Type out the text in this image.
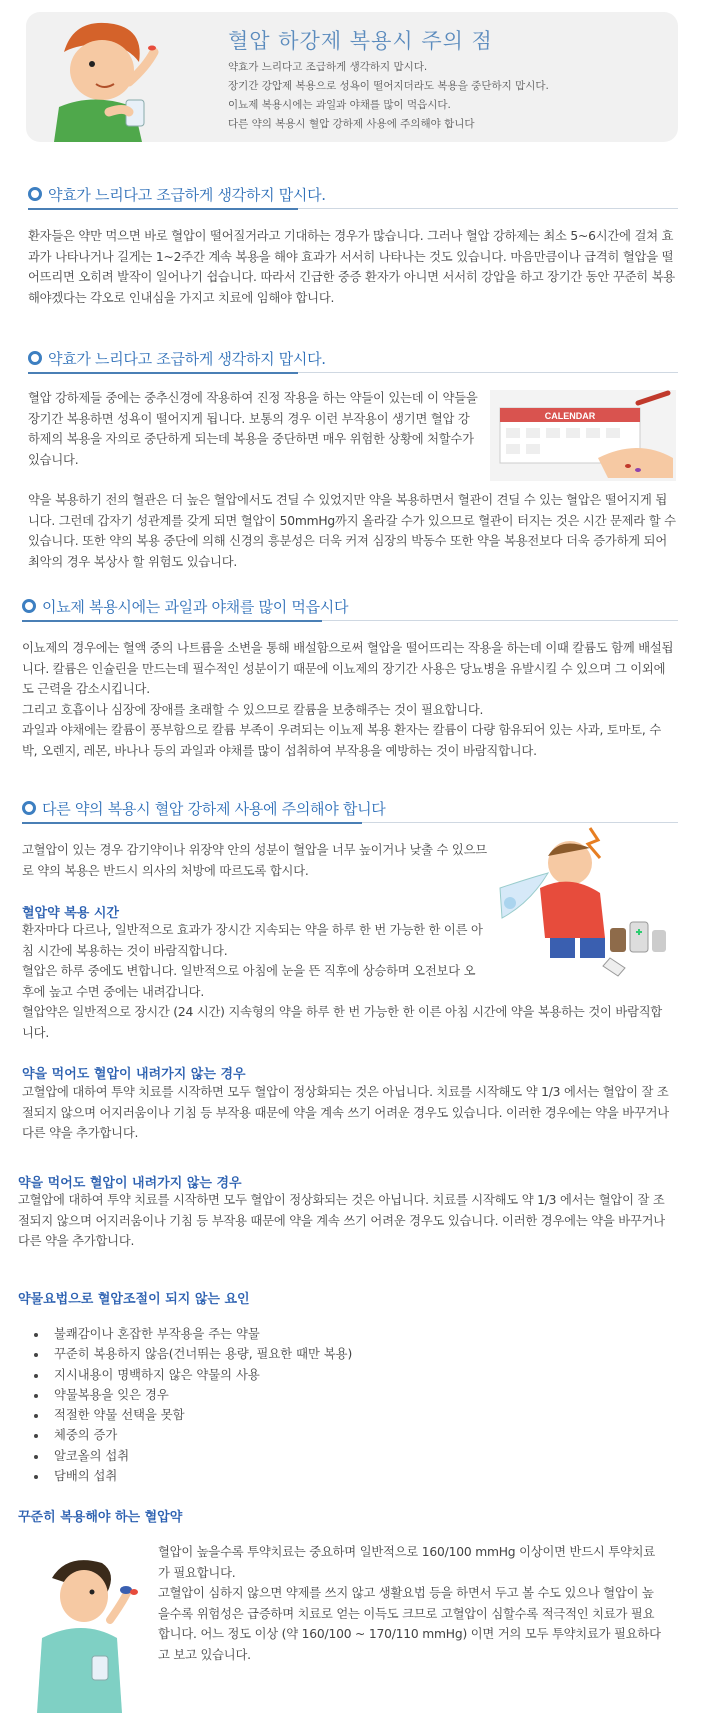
혈압 하강제 복용시 주의 점
약효가 느리다고 조급하게 생각하지 맙시다.
장기간 강압제 복용으로 성욕이 떨어지더라도 복용을 중단하지 맙시다.
이뇨제 복용시에는 과일과 야채를 많이 먹읍시다.
다른 약의 복용시 혈압 강하제 사용에 주의해야 합니다
약효가 느리다고 조급하게 생각하지 맙시다.

환자들은 약만 먹으면 바로 혈압이 떨어질거라고 기대하는 경우가 많습니다. 그러나 혈압 강하제는 최소 5~6시간에 걸쳐 효과가 나타나거나 길게는 1~2주간 계속 복용을 해야 효과가 서서히 나타나는 것도 있습니다. 마음만큼이나 급격히 혈압을 떨어뜨리면 오히려 발작이 일어나기 쉽습니다. 따라서 긴급한 중증 환자가 아니면 서서히 강압을 하고 장기간 동안 꾸준히 복용해야겠다는 각오로 인내심을 가지고 치료에 임해야 합니다.

약효가 느리다고 조급하게 생각하지 맙시다.

혈압 강하제들 중에는 중추신경에 작용하여 진정 작용을 하는 약들이 있는데 이 약들을 장기간 복용하면 성욕이 떨어지게 됩니다. 보통의 경우 이런 부작용이 생기면 혈압 강하제의 복용을 자의로 중단하게 되는데 복용을 중단하면 매우 위험한 상황에 처할수가 있습니다.

CALENDAR

약을 복용하기 전의 혈관은 더 높은 혈압에서도 견딜 수 있었지만 약을 복용하면서 혈관이 견딜 수 있는 혈압은 떨어지게 됩니다. 그런데 갑자기 성관계를 갖게 되면 혈압이 50mmHg까지 올라갈 수가 있으므로 혈관이 터지는 것은 시간 문제라 할 수 있습니다. 또한 약의 복용 중단에 의해 신경의 흥분성은 더욱 커져 심장의 박동수 또한 약을 복용전보다 더욱 증가하게 되어 최악의 경우 복상사 할 위험도 있습니다.

이뇨제 복용시에는 과일과 야채를 많이 먹읍시다

이뇨제의 경우에는 혈액 중의 나트륨을 소변을 통해 배설함으로써 혈압을 떨어뜨리는 작용을 하는데 이때 칼륨도 함께 배설됩니다. 칼륨은 인슐린을 만드는데 필수적인 성분이기 때문에 이뇨제의 장기간 사용은 당뇨병을 유발시킬 수 있으며 그 이외에도 근력을 감소시킵니다.

그리고 호흡이나 심장에 장애를 초래할 수 있으므로 칼륨을 보충해주는 것이 필요합니다.

과일과 야채에는 칼륨이 풍부함으로 칼륨 부족이 우려되는 이뇨제 복용 환자는 칼륨이 다량 함유되어 있는 사과, 토마토, 수박, 오렌지, 레몬, 바나나 등의 과일과 야채를 많이 섭취하여 부작용을 예방하는 것이 바람직합니다.

다른 약의 복용시 혈압 강하제 사용에 주의해야 합니다

고혈압이 있는 경우 감기약이나 위장약 안의 성분이 혈압을 너무 높이거나 낮출 수 있으므로 약의 복용은 반드시 의사의 처방에 따르도록 합시다.

혈압약 복용 시간

환자마다 다르나, 일반적으로 효과가 장시간 지속되는 약을 하루 한 번 가능한 한 이른 아침 시간에 복용하는 것이 바람직합니다.

혈압은 하루 중에도 변합니다. 일반적으로 아침에 눈을 뜬 직후에 상승하며 오전보다 오후에 높고 수면 중에는 내려갑니다.

혈압약은 일반적으로 장시간 (24 시간) 지속형의 약을 하루 한 번 가능한 한 이른 아침 시간에 약을 복용하는 것이 바람직합니다.

약을 먹어도 혈압이 내려가지 않는 경우

고혈압에 대하여 투약 치료를 시작하면 모두 혈압이 정상화되는 것은 아닙니다. 치료를 시작해도 약 1/3 에서는 혈압이 잘 조절되지 않으며 어지러움이나 기침 등 부작용 때문에 약을 계속 쓰기 어려운 경우도 있습니다. 이러한 경우에는 약을 바꾸거나 다른 약을 추가합니다.

약을 먹어도 혈압이 내려가지 않는 경우

고혈압에 대하여 투약 치료를 시작하면 모두 혈압이 정상화되는 것은 아닙니다. 치료를 시작해도 약 1/3 에서는 혈압이 잘 조절되지 않으며 어지러움이나 기침 등 부작용 때문에 약을 계속 쓰기 어려운 경우도 있습니다. 이러한 경우에는 약을 바꾸거나 다른 약을 추가합니다.

약물요법으로 혈압조절이 되지 않는 요인
• 불쾌감이나 혼잡한 부작용을 주는 약물
• 꾸준히 복용하지 않음(건너뛰는 용량, 필요한 때만 복용)
• 지시내용이 명백하지 않은 약물의 사용
• 약물복용을 잊은 경우
• 적절한 약물 선택을 못함
• 체중의 증가
• 알코올의 섭취
• 담배의 섭취
꾸준히 복용해야 하는 혈압약

혈압이 높을수록 투약치료는 중요하며 일반적으로 160/100 mmHg 이상이면 반드시 투약치료가 필요합니다.

고혈압이 심하지 않으면 약제를 쓰지 않고 생활요법 등을 하면서 두고 볼 수도 있으나 혈압이 높을수록 위험성은 급증하며 치료로 얻는 이득도 크므로 고혈압이 심할수록 적극적인 치료가 필요합니다. 어느 정도 이상 (약 160/100 ~ 170/110 mmHg) 이면 거의 모두 투약치료가 필요하다고 보고 있습니다.
